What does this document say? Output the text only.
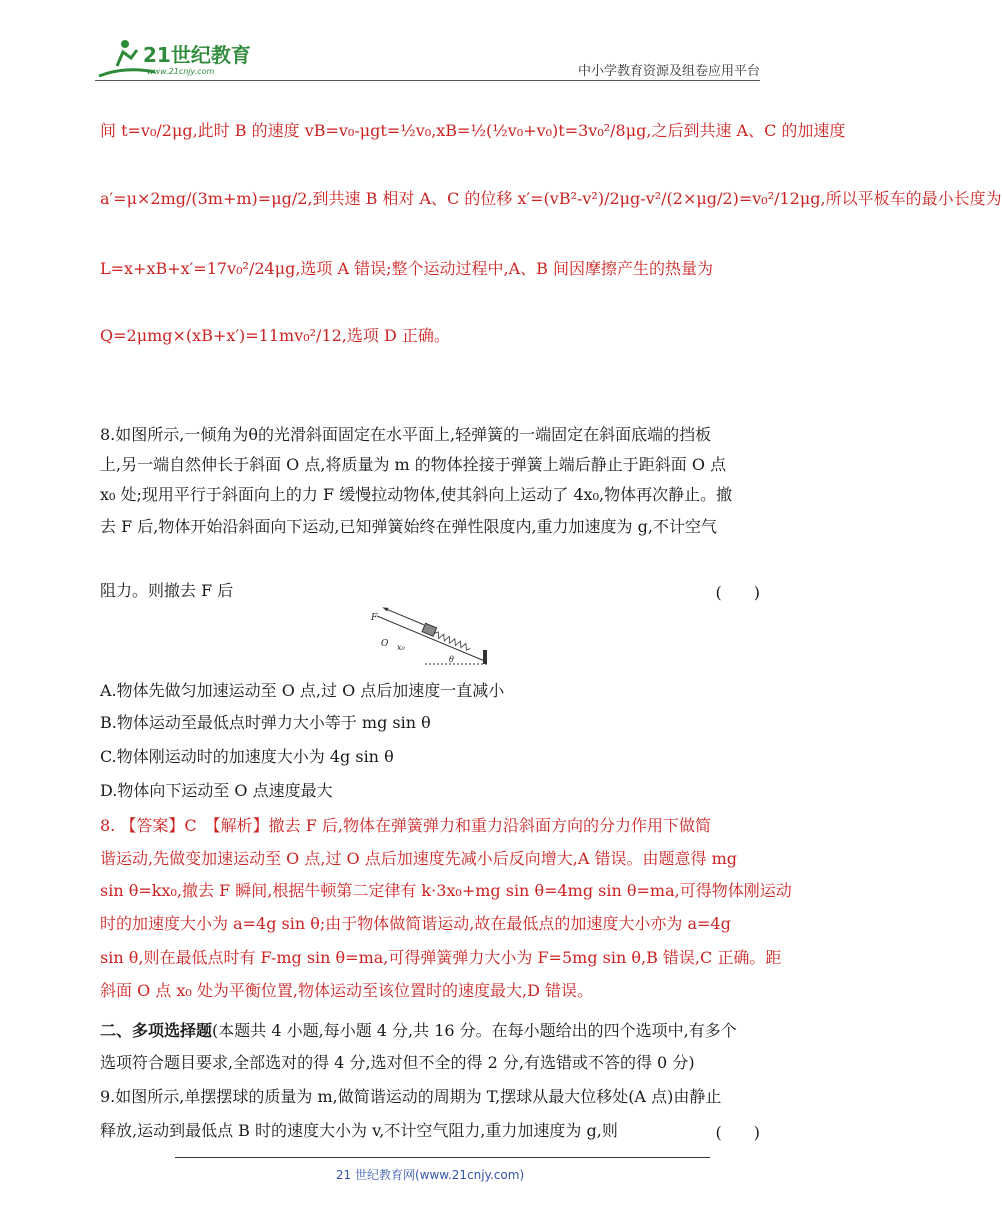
21世纪教育
www.21cnjy.com	中小学教育资源及组卷应用平台
间 t=v₀/2μg,此时 B 的速度 vB=v₀-μgt=½v₀,xB=½(½v₀+v₀)t=3v₀²/8μg,之后到共速 A、C 的加速度
a′=μ×2mg/(3m+m)=μg/2,到共速 B 相对 A、C 的位移 x′=(vB²-v²)/2μg-v²/(2×μg/2)=v₀²/12μg,所以平板车的最小长度为
L=x+xB+x′=17v₀²/24μg,选项 A 错误;整个运动过程中,A、B 间因摩擦产生的热量为
Q=2μmg×(xB+x′)=11mv₀²/12,选项 D 正确。
8.如图所示,一倾角为θ的光滑斜面固定在水平面上,轻弹簧的一端固定在斜面底端的挡板
上,另一端自然伸长于斜面 O 点,将质量为 m 的物体拴接于弹簧上端后静止于距斜面 O 点
x₀ 处;现用平行于斜面向上的力 F 缓慢拉动物体,使其斜向上运动了 4x₀,物体再次静止。撤
去 F 后,物体开始沿斜面向下运动,已知弹簧始终在弹性限度内,重力加速度为 g,不计空气
阻力。则撤去 F 后	(　　)
F
O x₀
θ
A.物体先做匀加速运动至 O 点,过 O 点后加速度一直减小
B.物体运动至最低点时弹力大小等于 mg sin θ
C.物体刚运动时的加速度大小为 4g sin θ
D.物体向下运动至 O 点速度最大
8. 【答案】C　【解析】撤去 F 后,物体在弹簧弹力和重力沿斜面方向的分力作用下做简
谐运动,先做变加速运动至 O 点,过 O 点后加速度先减小后反向增大,A 错误。由题意得 mg
sin θ=kx₀,撤去 F 瞬间,根据牛顿第二定律有 k·3x₀+mg sin θ=4mg sin θ=ma,可得物体刚运动
时的加速度大小为 a=4g sin θ;由于物体做简谐运动,故在最低点的加速度大小亦为 a=4g
sin θ,则在最低点时有 F-mg sin θ=ma,可得弹簧弹力大小为 F=5mg sin θ,B 错误,C 正确。距
斜面 O 点 x₀ 处为平衡位置,物体运动至该位置时的速度最大,D 错误。
二、多项选择题(本题共 4 小题,每小题 4 分,共 16 分。在每小题给出的四个选项中,有多个
选项符合题目要求,全部选对的得 4 分,选对但不全的得 2 分,有选错或不答的得 0 分)
9.如图所示,单摆摆球的质量为 m,做简谐运动的周期为 T,摆球从最大位移处(A 点)由静止
释放,运动到最低点 B 时的速度大小为 v,不计空气阻力,重力加速度为 g,则	(　　)
21 世纪教育网(www.21cnjy.com)
